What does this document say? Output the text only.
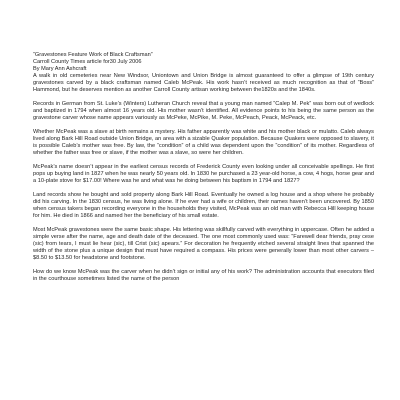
“Gravestones Feature Work of Black Craftsman”
Carroll County Times article for30 July 2006
By Mary Ann Ashcraft

A walk in old cemeteries near New Windsor, Uniontown and Union Bridge is almost guaranteed to offer a glimpse of 19th century gravestones carved by a black craftsman named Caleb McPeak. His work hasn’t received as much recognition as that of “Boss” Hammond, but he deserves mention as another Carroll County artisan working between the1820s and the 1840s.

Records in German from St. Luke’s (Winters) Lutheran Church reveal that a young man named “Calep M. Pek” was born out of wedlock and baptized in 1794 when almost 16 years old. His mother wasn’t identified. All evidence points to his being the same person as the gravestone carver whose name appears variously as McPeke, McPike, M. Peke, McPeach, Peack, McPeack, etc.

Whether McPeak was a slave at birth remains a mystery. His father apparently was white and his mother black or mulatto. Caleb always lived along Bark Hill Road outside Union Bridge, an area with a sizable Quaker population. Because Quakers were opposed to slavery, it is possible Caleb’s mother was free. By law, the “condition” of a child was dependent upon the “condition” of its mother. Regardless of whether the father was free or slave, if the mother was a slave, so were her children.

McPeak’s name doesn’t appear in the earliest census records of Frederick County even looking under all conceivable spellings. He first pops up buying land in 1827 when he was nearly 50 years old. In 1830 he purchased a 23 year-old horse, a cow, 4 hogs, horse gear and a 10-plate stove for $17.00! Where was he and what was he doing between his baptism in 1794 and 1827?

Land records show he bought and sold property along Bark Hill Road. Eventually he owned a log house and a shop where he probably did his carving. In the 1830 census, he was living alone. If he ever had a wife or children, their names haven’t been uncovered. By 1850 when census takers began recording everyone in the households they visited, McPeak was an old man with Rebecca Hill keeping house for him. He died in 1866 and named her the beneficiary of his small estate.

Most McPeak gravestones were the same basic shape. His lettering was skillfully carved with everything in uppercase. Often he added a simple verse after the name, age and death date of the deceased. The one most commonly used was: “Farewell dear friends, pray cese (sic) from tears, I must lie hear (sic), till Crist (sic) apears.” For decoration he frequently etched several straight lines that spanned the width of the stone plus a unique design that must have required a compass. His prices were generally lower than most other carvers – $8.50 to $13.50 for headstone and footstone.

How do we know McPeak was the carver when he didn’t sign or initial any of his work? The administration accounts that executors filed in the courthouse sometimes listed the name of the person
